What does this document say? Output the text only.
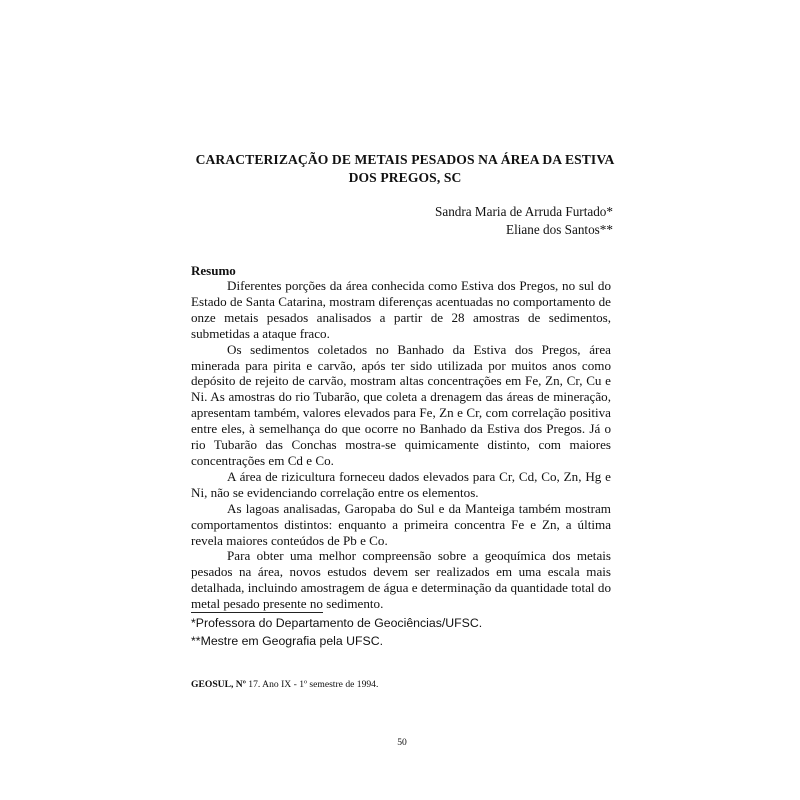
CARACTERIZAÇÃO DE METAIS PESADOS NA ÁREA DA ESTIVA
DOS PREGOS, SC
Sandra Maria de Arruda Furtado*
Eliane dos Santos**
Resumo

Diferentes porções da área conhecida como Estiva dos Pregos, no sul do Estado de Santa Catarina, mostram diferenças acentuadas no comportamento de onze metais pesados analisados a partir de 28 amostras de sedimentos, submetidas a ataque fraco.

Os sedimentos coletados no Banhado da Estiva dos Pregos, área minerada para pirita e carvão, após ter sido utilizada por muitos anos como depósito de rejeito de carvão, mostram altas concentrações em Fe, Zn, Cr, Cu e Ni. As amostras do rio Tubarão, que coleta a drenagem das áreas de mineração, apresentam também, valores elevados para Fe, Zn e Cr, com correlação positiva entre eles, à semelhança do que ocorre no Banhado da Estiva dos Pregos. Já o rio Tubarão das Conchas mostra-se quimicamente distinto, com maiores concentrações em Cd e Co.

A área de rizicultura forneceu dados elevados para Cr, Cd, Co, Zn, Hg e Ni, não se evidenciando correlação entre os elementos.

As lagoas analisadas, Garopaba do Sul e da Manteiga também mostram comportamentos distintos: enquanto a primeira concentra Fe e Zn, a última revela maiores conteúdos de Pb e Co.

Para obter uma melhor compreensão sobre a geoquímica dos metais pesados na área, novos estudos devem ser realizados em uma escala mais detalhada, incluindo amostragem de água e determinação da quantidade total do metal pesado presente no sedimento.

*Professora do Departamento de Geociências/UFSC.
**Mestre em Geografia pela UFSC.
GEOSUL, Nº 17. Ano IX - 1º semestre de 1994.
50
